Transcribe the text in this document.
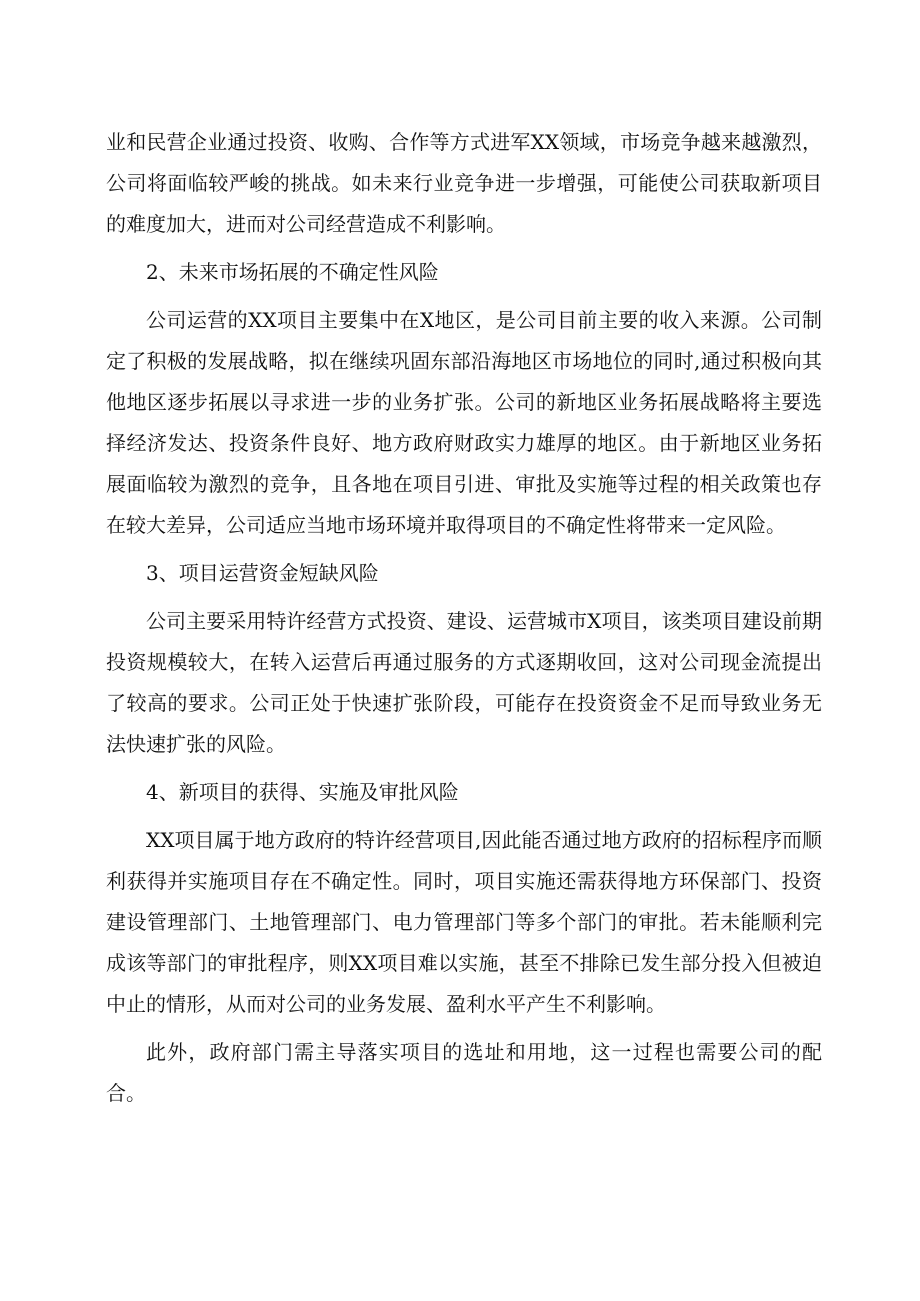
业和民营企业通过投资、收购、合作等方式进军XX领域，市场竞争越来越激烈，公司将面临较严峻的挑战。如未来行业竞争进一步增强，可能使公司获取新项目的难度加大，进而对公司经营造成不利影响。

2、未来市场拓展的不确定性风险

公司运营的XX项目主要集中在X地区，是公司目前主要的收入来源。公司制定了积极的发展战略，拟在继续巩固东部沿海地区市场地位的同时,通过积极向其他地区逐步拓展以寻求进一步的业务扩张。公司的新地区业务拓展战略将主要选择经济发达、投资条件良好、地方政府财政实力雄厚的地区。由于新地区业务拓展面临较为激烈的竞争，且各地在项目引进、审批及实施等过程的相关政策也存在较大差异，公司适应当地市场环境并取得项目的不确定性将带来一定风险。

3、项目运营资金短缺风险

公司主要采用特许经营方式投资、建设、运营城市X项目，该类项目建设前期投资规模较大，在转入运营后再通过服务的方式逐期收回，这对公司现金流提出了较高的要求。公司正处于快速扩张阶段，可能存在投资资金不足而导致业务无法快速扩张的风险。

4、新项目的获得、实施及审批风险

XX项目属于地方政府的特许经营项目,因此能否通过地方政府的招标程序而顺利获得并实施项目存在不确定性。同时，项目实施还需获得地方环保部门、投资建设管理部门、土地管理部门、电力管理部门等多个部门的审批。若未能顺利完成该等部门的审批程序，则XX项目难以实施，甚至不排除已发生部分投入但被迫中止的情形，从而对公司的业务发展、盈利水平产生不利影响。

此外，政府部门需主导落实项目的选址和用地，这一过程也需要公司的配合。
